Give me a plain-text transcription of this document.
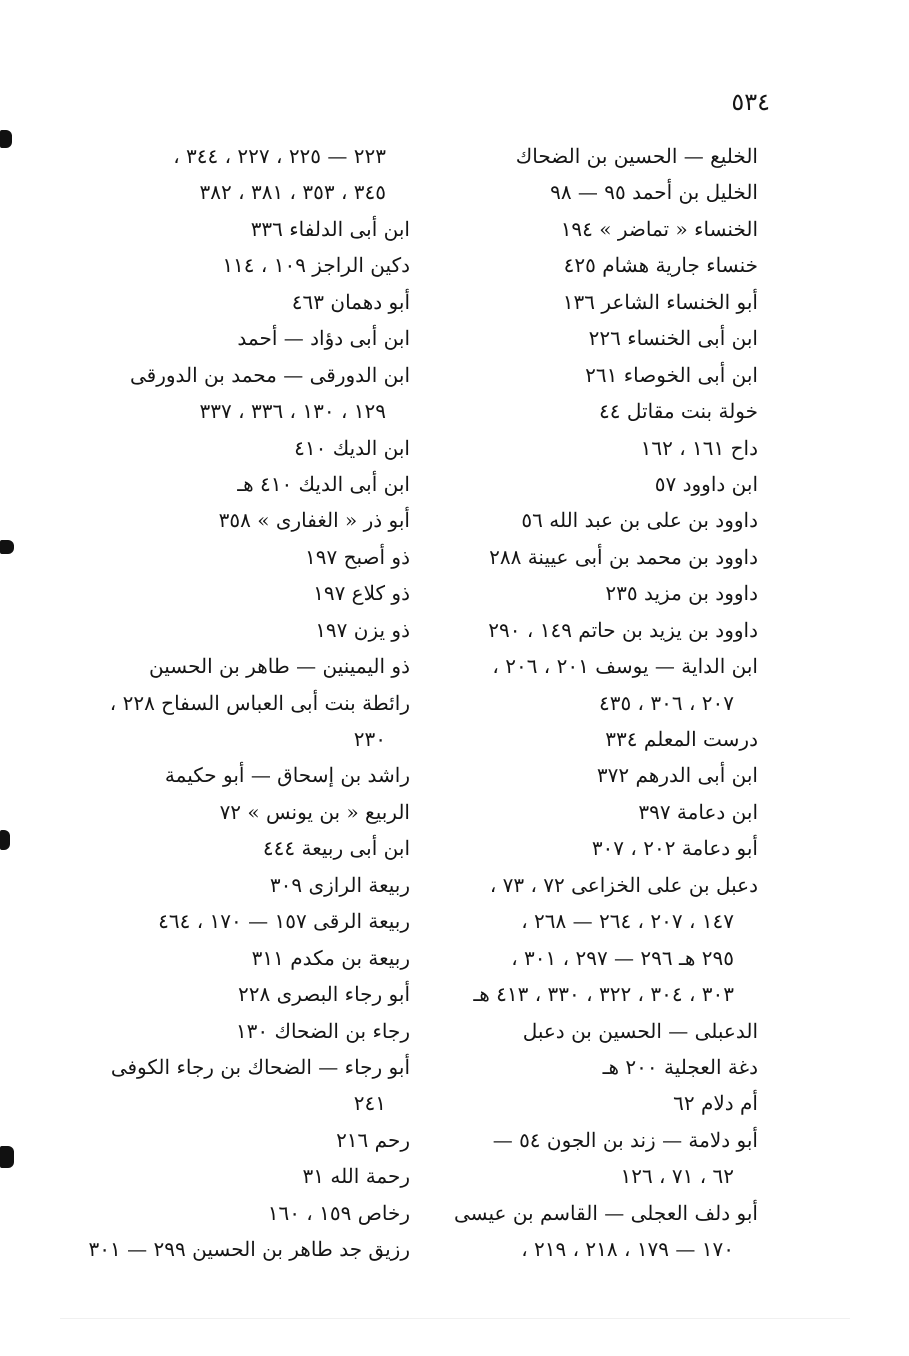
٥٣٤
الخليع — الحسين بن الضحاك
الخليل بن أحمد ٩٥ — ٩٨
الخنساء « تماضر » ١٩٤
خنساء جارية هشام ٤٢٥
أبو الخنساء الشاعر ١٣٦
ابن أبى الخنساء ٢٢٦
ابن أبى الخوصاء ٢٦١
خولة بنت مقاتل ٤٤
داح ١٦١ ، ١٦٢
ابن داوود ٥٧
داوود بن على بن عبد الله ٥٦
داوود بن محمد بن أبى عيينة ٢٨٨
داوود بن مزيد ٢٣٥
داوود بن يزيد بن حاتم ١٤٩ ، ٢٩٠
ابن الداية — يوسف ٢٠١ ، ٢٠٦ ،
٢٠٧ ، ٣٠٦ ، ٤٣٥
درست المعلم ٣٣٤
ابن أبى الدرهم ٣٧٢
ابن دعامة ٣٩٧
أبو دعامة ٢٠٢ ، ٣٠٧
دعبل بن على الخزاعى ٧٢ ، ٧٣ ،
١٤٧ ، ٢٠٧ ، ٢٦٤ — ٢٦٨ ،
٢٩٥ هـ ٢٩٦ — ٢٩٧ ، ٣٠١ ،
٣٠٣ ، ٣٠٤ ، ٣٢٢ ، ٣٣٠ ، ٤١٣ هـ
الدعبلى — الحسين بن دعبل
دغة العجلية ٢٠٠ هـ
أم دلام ٦٢
أبو دلامة — زند بن الجون ٥٤ —
٦٢ ، ٧١ ، ١٢٦
أبو دلف العجلى — القاسم بن عيسى
١٧٠ — ١٧٩ ، ٢١٨ ، ٢١٩ ،
٢٢٣ — ٢٢٥ ، ٢٢٧ ، ٣٤٤ ،
٣٤٥ ، ٣٥٣ ، ٣٨١ ، ٣٨٢
ابن أبى الدلفاء ٣٣٦
دكين الراجز ١٠٩ ، ١١٤
أبو دهمان ٤٦٣
ابن أبى دؤاد — أحمد
ابن الدورقى — محمد بن الدورقى
١٢٩ ، ١٣٠ ، ٣٣٦ ، ٣٣٧
ابن الديك ٤١٠
ابن أبى الديك ٤١٠ هـ
أبو ذر « الغفارى » ٣٥٨
ذو أصبح ١٩٧
ذو كلاع ١٩٧
ذو يزن ١٩٧
ذو اليمينين — طاهر بن الحسين
رائطة بنت أبى العباس السفاح ٢٢٨ ،
٢٣٠
راشد بن إسحاق — أبو حكيمة
الربيع « بن يونس » ٧٢
ابن أبى ربيعة ٤٤٤
ربيعة الرازى ٣٠٩
ربيعة الرقى ١٥٧ — ١٧٠ ، ٤٦٤
ربيعة بن مكدم ٣١١
أبو رجاء البصرى ٢٢٨
رجاء بن الضحاك ١٣٠
أبو رجاء — الضحاك بن رجاء الكوفى
٢٤١
رحم ٢١٦
رحمة الله ٣١
رخاص ١٥٩ ، ١٦٠
رزيق جد طاهر بن الحسين ٢٩٩ — ٣٠١
